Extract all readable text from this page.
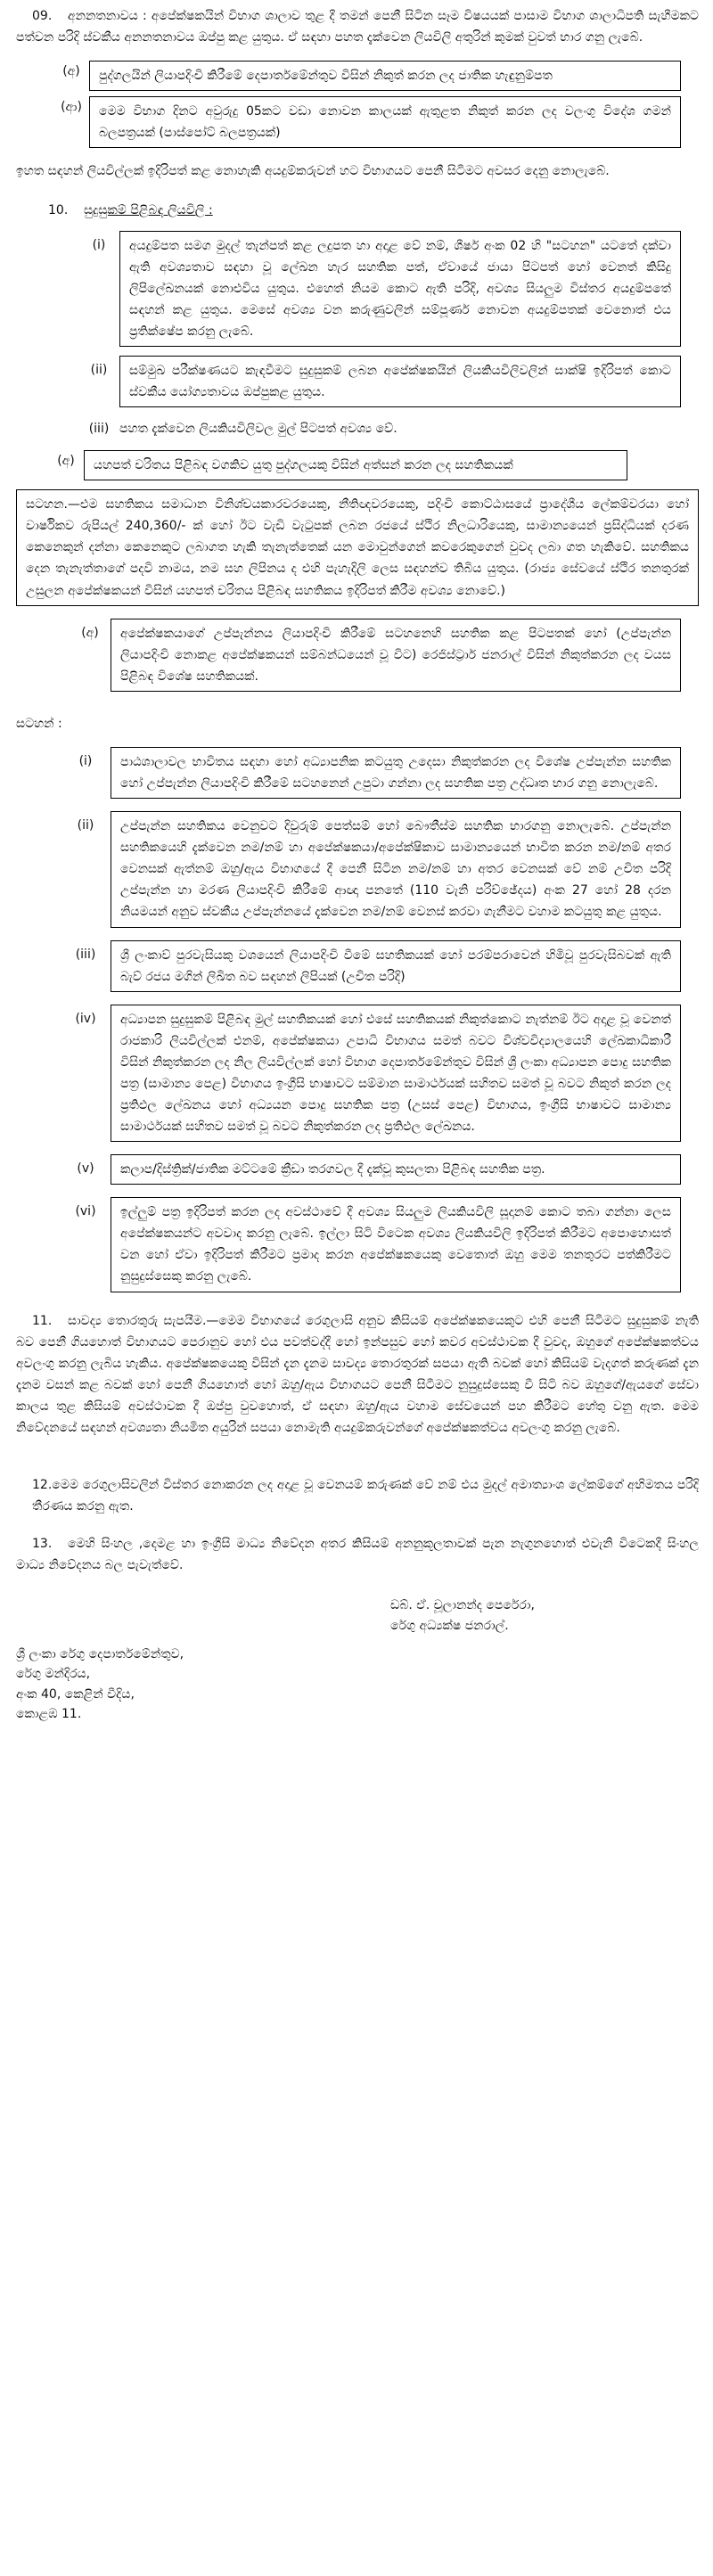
09. අනනතනාවය : අපේක්ෂකයින් විභාග ශාලාව තුළ දී තමන් පෙනී සිටින සෑම විෂයයක් පාසාම විභාග ශාලාධිපති සැහීමකට පත්වන පරිදි ස්වකීය අනනතනාවය ඔප්පු කළ යුතුය. ඒ සඳහා පහත දැක්වෙන ලියවිලි අතුරින් කුමක් වුවත් භාර ගනු ලැබේ.

(අ)	පුද්ගලයින් ලියාපදිංචි කිරීමේ දෙපාර්තමේන්තුව විසින් නිකුත් කරන ලද ජාතික හැඳුනුම්පත
(ආ)	මෙම විභාග දිනට අවුරුදු 05කට වඩා නොවන කාලයක් ඇතුළත නිකුත් කරන ලද වලංගු විදේශ ගමන් බලපත්‍රයක් (පාස්පෝට් බලපත්‍රයක්)

ඉහත සඳහන් ලියවිල්ලක් ඉදිරිපත් කළ නොහැකි අයදුම්කරුවන් හට විභාගයට පෙනී සිටීමට අවසර දෙනු නොලැබේ.

10. සුදුසුකම් පිළිබඳ ලියවිලි :

(i)	අයදුම්පත සමග මුදල් තැන්පත් කළ ලදුපත හා අදාළ වේ නම්, ශීර්ෂ අංක 02 හි "සටහන" යටතේ දක්වා ඇති අවශ්‍යතාව සඳහා වූ ලේඛන හැර සහතික පත්, ඒවායේ ජායා පිටපත් හෝ වෙනත් කිසිදු ලිපිලේඛනයක් නොඑවිය යුතුය. එහෙත් නියම කොට ඇති පරිදි, අවශ්‍ය සියලුම විස්තර අයදුම්පතේ සඳහන් කළ යුතුය. මෙසේ අවශ්‍ය වන කරුණුවලින් සම්පූර්ණ නොවන අයදුම්පතක් වෙනොත් එය ප්‍රතික්ෂේප කරනු ලැබේ.
(ii)	සම්මුඛ පරීක්ෂණයට කැඳවීමට සුදුසුකම් ලබන අපේක්ෂකයින් ලියකියවිලිවලින් සාක්ෂි ඉදිරිපත් කොට ස්වකීය යෝග්‍යතාවය ඔප්පුකළ යුතුය.
(iii) පහත දැක්වෙන ලියකියවිලිවල මුල් පිටපත් අවශ්‍ය වේ.
(අ)	යහපත් චරිතය පිළිබඳ වගකිව යුතු පුද්ගලයකු විසින් අත්සන් කරන ලද සහතිකයක්

සටහන.—එම සහතිකය සමාධාන විනිශ්චයකාරවරයෙකු, නීතිඥවරයෙකු, පදිංචි කොට්ඨාසයේ ප්‍රාදේශීය ලේකම්වරයා හෝ වාර්ෂිකව රුපියල් 240,360/- ක් හෝ ඊට වැඩි වැටුපක් ලබන රජයේ ස්ථිර නිලධාරියෙකු, සාමාන්‍යයෙන් ප්‍රසිද්ධියක් දරණ කෙනෙකුන් දන්නා කෙනෙකුට ලබාගත හැකි තැනැත්තෙක් යන මොවුන්ගෙන් කවරෙකුගෙන් වුවද ලබා ගත හැකිවේ. සහතිකය දෙන තැනැත්තාගේ පදවි නාමය, නම සහ ලිපිනය ද එහි පැහැදිලි ලෙස සඳහන්ව තිබිය යුතුය. (රාජ්‍ය සේවයේ ස්ථිර තනතුරක් උසුලන අපේක්ෂකයන් විසින් යහපත් චරිතය පිළිබඳ සහතිකය ඉදිරිපත් කිරීම අවශ්‍ය නොවේ.)

(අ)	අපේක්ෂකයාගේ උප්පැන්නය ලියාපදිංචි කිරීමේ සටහනෙහි සහතික කළ පිටපතක් හෝ (උප්පැන්න ලියාපදිංචි නොකළ අපේක්ෂකයන් සම්බන්ධයෙන් වූ විට) රෙජිස්ට්‍රාර් ජනරාල් විසින් නිකුත්කරන ලද වයස පිළිබඳ විශේෂ සහතිකයක්.

සටහන් :

(i)	පාඨශාලාවල භාවිතය සඳහා හෝ අධ්‍යාපනික කටයුතු උදෙසා නිකුත්කරන ලද විශේෂ උප්පැන්න සහතික හෝ උප්පැන්න ලියාපදිංචි කිරීමේ සටහනෙන් උපුටා ගන්නා ලද සහතික පත්‍ර උද්ධෘත භාර ගනු නොලැබේ.
(ii)	උප්පැන්න සහතිකය වෙනුවට දිවුරුම් පෙත්සම් හෝ බෞතීස්ම සහතික භාරගනු නොලැබේ. උප්පැන්න සහතිකයෙහි දැක්වෙන නම/නම් හා අපේක්ෂකයා/අපේක්ෂිකාව සාමාන්‍යයෙන් භාවිත කරන නම/නම් අතර වෙනසක් ඇත්නම් ඔහු/ඇය විභාගයේ දී පෙනී සිටින නම/නම් හා අතර වෙනසක් වේ නම් උචිත පරිදි උප්පැන්න හා මරණ ලියාපදිංචි කිරීමේ ආඥා පනතේ (110 වැනි පරිච්ඡේදය) අංක 27 හෝ 28 දරන නියමයන් අනුව ස්වකීය උප්පැන්නයේ දැක්වෙන නම/නම් වෙනස් කරවා ගැනීමට වහාම කටයුතු කළ යුතුය.
(iii)	ශ්‍රී ලංකාව් පුරවැසියකු වශයෙන් ලියාපදිංචි වීමේ සහතිකයක් හෝ පරම්පරාවෙන් හිමිවූ පුරවැසිබවක් ඇති බැව් රජය මගින් ලිඛිත බව සඳහන් ලිපියක් (උචිත පරිදි)
(iv)	අධ්‍යාපන සුදුසුකම් පිළිබඳ මුල් සහතිකයක් හෝ එසේ සහතිකයක් නිකුත්කොට නැත්නම් ඊට අදාළ වූ වෙනත් රාජකාරි ලියවිල්ලක් එනම්, අපේක්ෂකයා උපාධි විභාගය සමත් බවට විශ්වවිද්‍යාලයෙහි ලේඛකාධිකාරී විසින් නිකුත්කරන ලද නිල ලියවිල්ලක් හෝ විභාග දෙපාර්තමේන්තුව විසින් ශ්‍රී ලංකා අධ්‍යාපන පොදු සහතික පත්‍ර (සාමාන්‍ය පෙළ) විභාගය ඉංග්‍රීසි භාෂාවට සම්මාන සාමාර්ථයක් සහිතව සමත් වූ බවට නිකුත් කරන ලද ප්‍රතිඵල ලේඛනය හෝ අධ්‍යයන පොදු සහතික පත්‍ර (උසස් පෙළ) විභාගය, ඉංග්‍රීසි භාෂාවට සාමාන්‍ය සාමාර්ථයක් සහිතව සමත් වූ බවට නිකුත්කරන ලද ප්‍රතිඵල ලේඛනය.
(v)	කලාප/දිස්ත්‍රික්/ජාතික මට්ටමේ ක්‍රීඩා තරගවල දී දැක්වූ කුසලතා පිළිබඳ සහතික පත්‍ර.
(vi)	ඉල්ලුම් පත්‍ර ඉදිරිපත් කරන ලද අවස්ථාවේ දී අවශ්‍ය සියලුම ලියකියවිලි සූදානම් කොට තබා ගන්නා ලෙස අපේක්ෂකයන්ට අවවාද කරනු ලැබේ. ඉල්ලා සිටි විටෙක අවශ්‍ය ලියකියවිලි ඉදිරිපත් කිරීමට අපොහොසත් වන හෝ ඒවා ඉදිරිපත් කිරීමට ප්‍රමාද කරන අපේක්ෂකයෙකු වෙතොත් ඔහු මෙම තනතුරට පත්කිරීමට නුසුදුස්සෙකු කරනු ලැබේ.

11. සාවද්‍ය තොරතුරු සැපයීම.—මෙම විභාගයේ රෙගුලාසි අනුව කිසියම් අපේක්ෂකයෙකුට එහි පෙනී සිටීමට සුදුසුකම් නැති බව පෙනී ගියහොත් විභාගයට පෙරානුව හෝ එය පවත්වද්දී හෝ ඉන්පසුව හෝ කවර අවස්ථාවක දී වුවද, ඔහුගේ අපේක්ෂකත්වය අවලංගු කරනු ලැබිය හැකිය. අපේක්ෂකයෙකු විසින් දැන දැනම සාවද්‍ය තොරතුරක් සපයා ඇති බවක් හෝ කිසියම් වැදගත් කරුණක් දැන දැනම වසන් කළ බවක් හෝ පෙනී ගියහොත් හෝ ඔහු/ඇය විභාගයට පෙනී සිටීමට නුසුදුස්සෙකු වී සිටි බව ඔහුගේ/ඇයගේ සේවා කාලය තුළ කිසියම් අවස්ථාවක දී ඔප්පු වුවහොත්, ඒ සඳහා ඔහු/ඇය වහාම සේවයෙන් පහ කිරීමට හේතු වනු ඇත. මෙම නිවේදනයේ සඳහන් අවශ්‍යතා නියමිත අයුරින් සපයා නොමැති අයදුම්කරුවන්ගේ අපේක්ෂකත්වය අවලංගු කරනු ලැබේ.

12.මෙම රෙගුලාසිවලින් විස්තර නොකරන ලද අදාළ වූ වෙනයම් කරුණක් වේ නම් එය මුදල් අමාත්‍යාංශ ලේකම්ගේ අභිමතය පරිදි තීරණය කරනු ඇත.

13. මෙහි සිංහල ,දෙමළ හා ඉංග්‍රීසි මාධ්‍ය නිවේදන අතර කිසියම් අනනුකූලතාවක් පැන නැගුනහොත් එවැනි විටෙකදී සිංහල මාධ්‍ය නිවේදනය බල පැවැත්වේ.

ඩබ්. ඒ. චූලානන්ද පෙරේරා,
රේගු අධ්‍යක්ෂ ජනරාල්.
ශ්‍රී ලංකා රේගු දෙපාර්තමේන්තුව,
රේගු මන්දිරය,
අංක 40, කෙළින් වීදිය,
කොළඹ 11.
